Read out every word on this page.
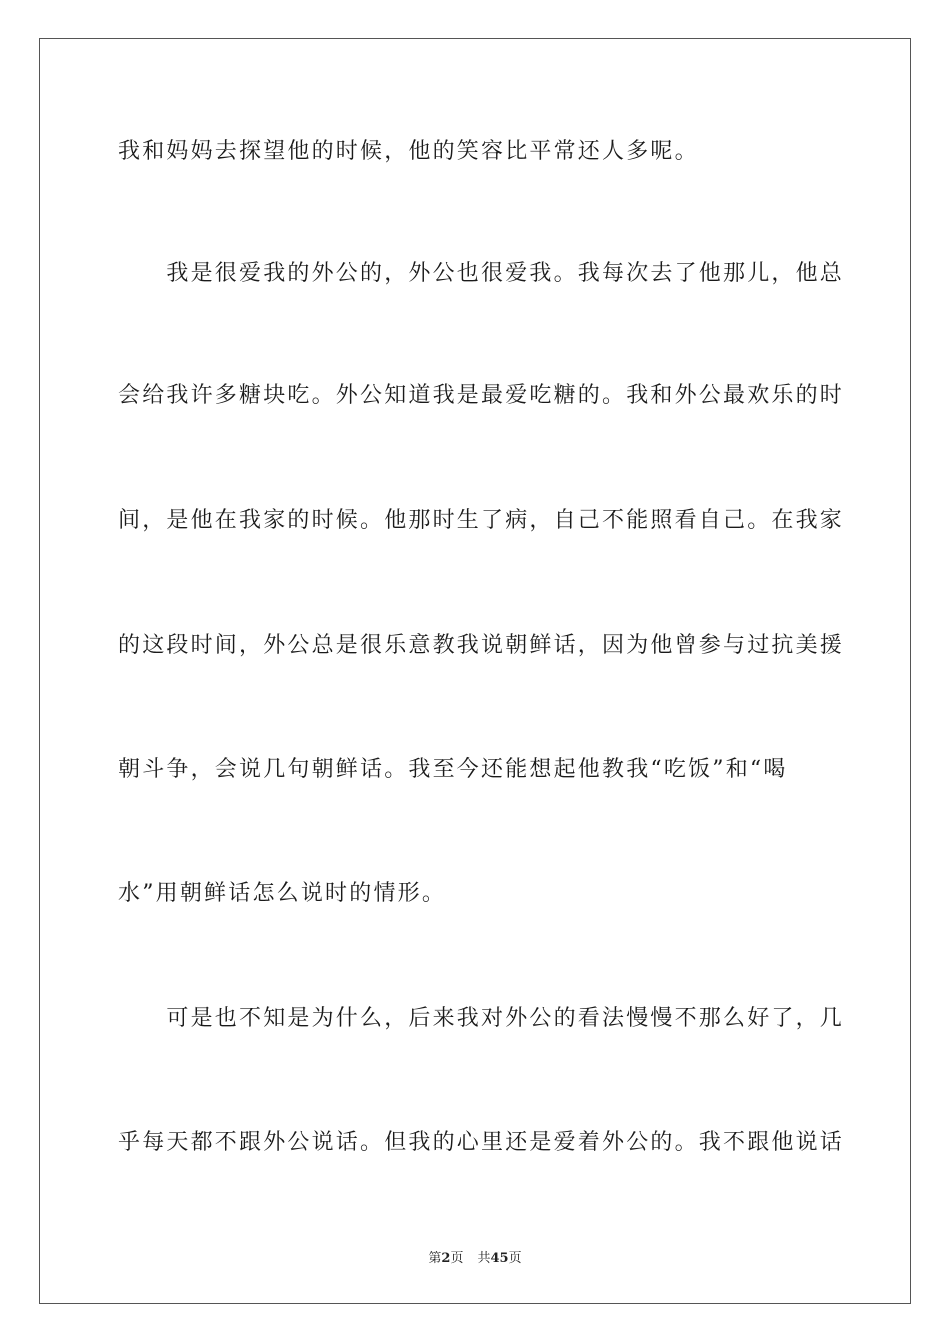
我和妈妈去探望他的时候，他的笑容比平常还人多呢。
　　我是很爱我的外公的，外公也很爱我。我每次去了他那儿，他总
会给我许多糖块吃。外公知道我是最爱吃糖的。我和外公最欢乐的时
间，是他在我家的时候。他那时生了病，自己不能照看自己。在我家
的这段时间，外公总是很乐意教我说朝鲜话，因为他曾参与过抗美援
朝斗争，会说几句朝鲜话。我至今还能想起他教我“吃饭”和“喝
水”用朝鲜话怎么说时的情形。
　　可是也不知是为什么，后来我对外公的看法慢慢不那么好了，几
乎每天都不跟外公说话。但我的心里还是爱着外公的。我不跟他说话
第2页 共45页
